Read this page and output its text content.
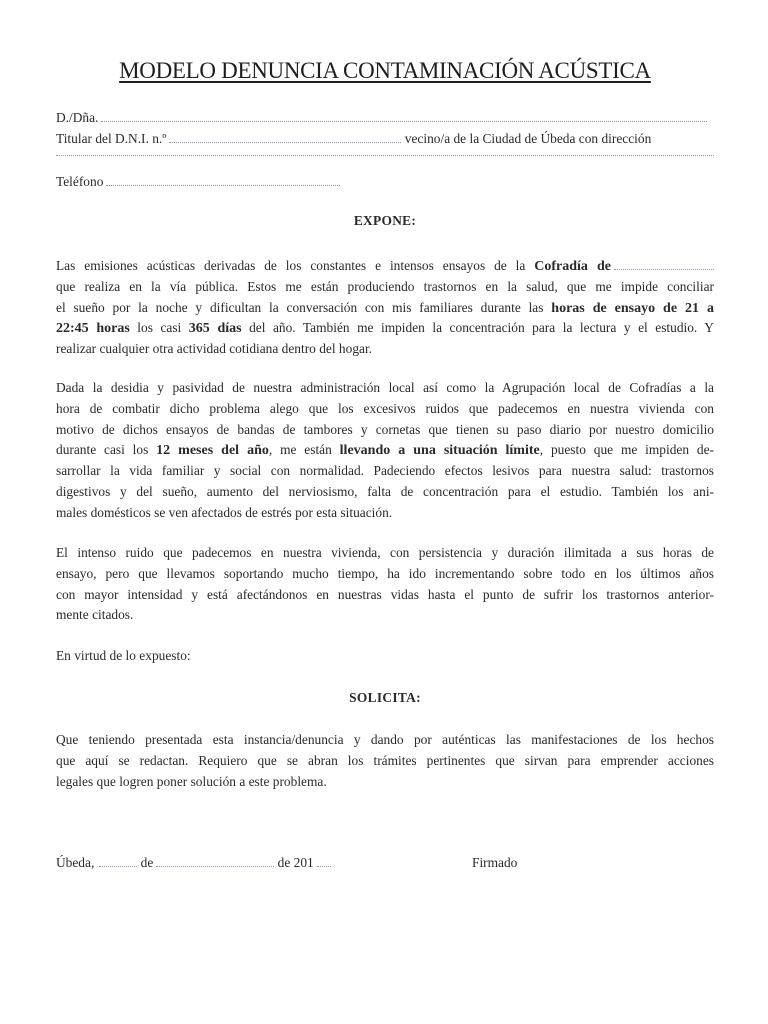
MODELO DENUNCIA CONTAMINACIÓN ACÚSTICA
D./Dña.
Titular del D.N.I. n.º	vecino/a de la Ciudad de Úbeda con dirección
Teléfono
EXPONE:
Las emisiones acústicas derivadas de los constantes e intensos ensayos de la Cofradía de
que realiza en la vía pública. Estos me están produciendo trastornos en la salud, que me impide conciliar
el sueño por la noche y dificultan la conversación con mis familiares durante las horas de ensayo de 21 a
22:45 horas los casi 365 días del año. También me impiden la concentración para la lectura y el estudio. Y
realizar cualquier otra actividad cotidiana dentro del hogar.
Dada la desidia y pasividad de nuestra administración local así como la Agrupación local de Cofradías a la
hora de combatir dicho problema alego que los excesivos ruidos que padecemos en nuestra vivienda con
motivo de dichos ensayos de bandas de tambores y cornetas que tienen su paso diario por nuestro domicilio
durante casi los 12 meses del año, me están llevando a una situación límite, puesto que me impiden de-
sarrollar la vida familiar y social con normalidad. Padeciendo efectos lesivos para nuestra salud: trastornos
digestivos y del sueño, aumento del nerviosismo, falta de concentración para el estudio. También los ani-
males domésticos se ven afectados de estrés por esta situación.
El intenso ruido que padecemos en nuestra vivienda, con persistencia y duración ilimitada a sus horas de
ensayo, pero que llevamos soportando mucho tiempo, ha ido incrementando sobre todo en los últimos años
con mayor intensidad y está afectándonos en nuestras vidas hasta el punto de sufrir los trastornos anterior-
mente citados.
En virtud de lo expuesto:
SOLICITA:
Que teniendo presentada esta instancia/denuncia y dando por auténticas las manifestaciones de los hechos
que aquí se redactan. Requiero que se abran los trámites pertinentes que sirvan para emprender acciones
legales que logren poner solución a este problema.
Úbeda,	de	de 201	Firmado
